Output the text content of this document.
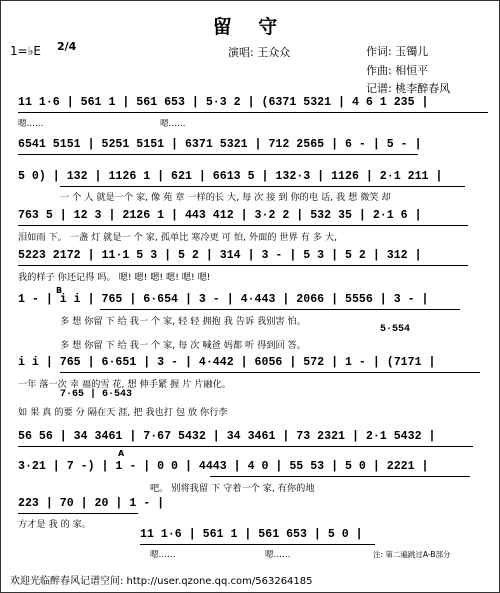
留 守
1=♭E 2/4	演唱: 王众众	作词: 玉镯儿
作曲: 相恒平
记谱: 桃李醉春风
11 1·6 | 561 1 | 561 653 | 5·3 2 | (6371 5321 | 4 6 1 235 |
嗯……	嗯……
6541 5151 | 5251 5151 | 6371 5321 | 712 2565 | 6 - | 5 - |
5 0) | 132 | 1126 1 | 621 | 6613 5 | 132·3 | 1126 | 2·1 211 |
一 个 人 就是一个 家, 像 苑 章 一样的长 大, 每 次 接 到 你的电 话, 我 想 微笑 却
763 5 | 12 3 | 2126 1 | 443 412 | 3·2 2 | 532 35 | 2·1 6 |
泪如雨 下。 一盏 灯 就是一 个 家, 孤单比 寒冷更 可 怕, 外面的 世界 有 多 大,
5223 2172 | 11·1 5 3 | 5 2 | 314 | 3 - | 5 3 | 5 2 | 312 |
我的样子 你还记得 吗。 嗯! 嗯! 嗯! 嗯! 嗯! 嗯!
B
1 - | i i | 765 | 6·654 | 3 - | 4·443 | 2066 | 5556 | 3 - |
多 想 你留 下 给 我一 个 家, 轻 轻 拥抱 我 告诉 我别害 怕。
5·554
多 想 你留 下 给 我一 个 家, 每 次 喊爸 妈都 听 得到回 答。
i i | 765 | 6·651 | 3 - | 4·442 | 6056 | 572 | 1 - | (7171 |
一年 落一次 幸 福的雪 花, 想 伸手紧 握 片 片融化。
7·65 | 6·543
如 果 真 的要 分 隔在天 涯, 把 我也打 包 放 你行李
56 56 | 34 3461 | 7·67 5432 | 34 3461 | 73 2321 | 2·1 5432 |
A
3·21 | 7 -) | 1 - | 0 0 | 4443 | 4 0 | 55 53 | 5 0 | 2221 |
吧。 别将我留 下 守着一个 家, 有你的地
223 | 70 | 20 | 1 - |
方才是 我 的 家。
11 1·6 | 561 1 | 561 653 | 5 0 |
嗯……	嗯……	注: 第二遍跳过A-B部分
欢迎光临醉春风记谱空间: http://user.qzone.qq.com/563264185
